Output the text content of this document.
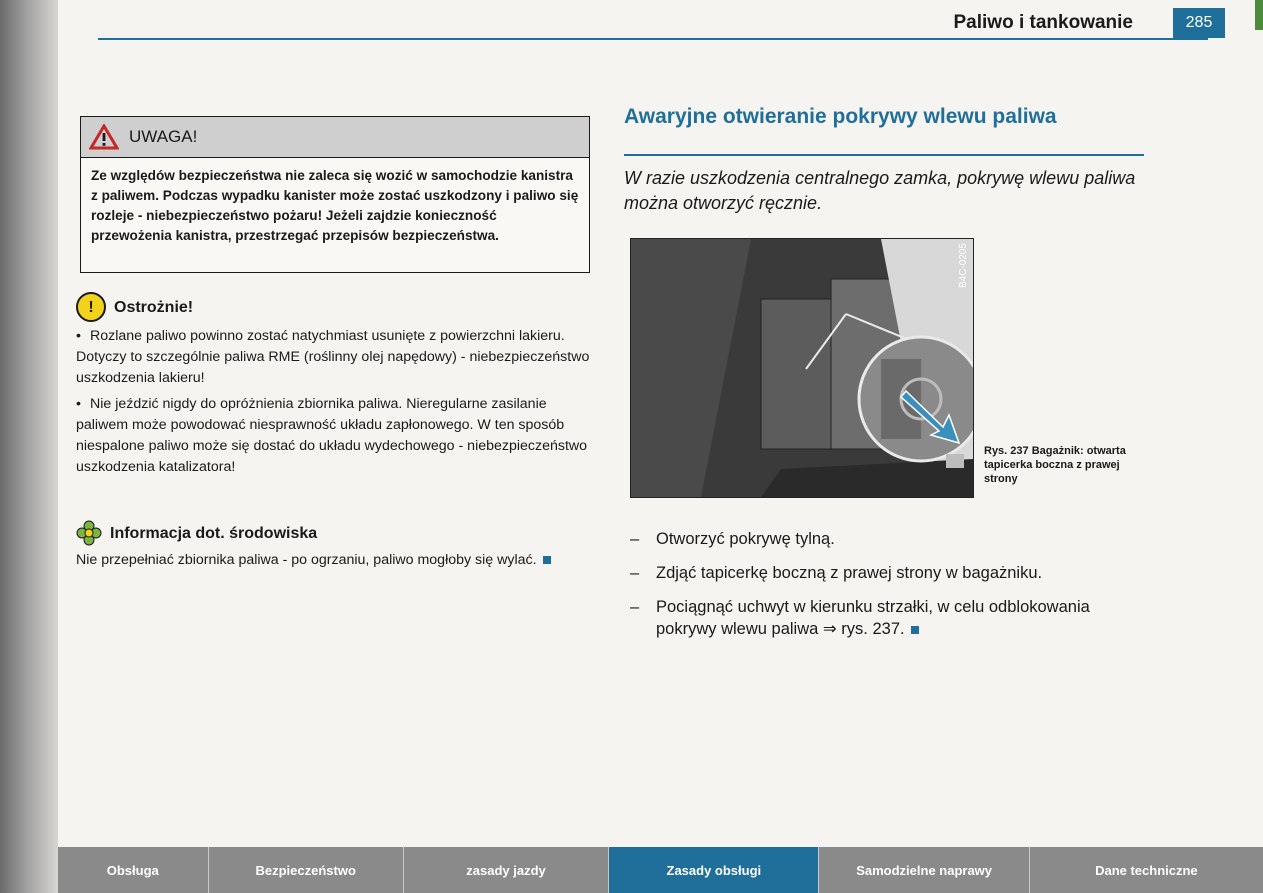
Paliwo i tankowanie	285
UWAGA!
Ze względów bezpieczeństwa nie zaleca się wozić w samochodzie kanistra z paliwem. Podczas wypadku kanister może zostać uszkodzony i paliwo się rozleje - niebezpieczeństwo pożaru! Jeżeli zajdzie konieczność przewożenia kanistra, przestrzegać przepisów bezpieczeństwa.
!	Ostrożnie!
• Rozlane paliwo powinno zostać natychmiast usunięte z powierzchni lakieru. Dotyczy to szczególnie paliwa RME (roślinny olej napędowy) - niebezpieczeństwo uszkodzenia lakieru!
• Nie jeździć nigdy do opróżnienia zbiornika paliwa. Nieregularne zasilanie paliwem może powodować niesprawność układu zapłonowego. W ten sposób niespalone paliwo może się dostać do układu wydechowego - niebezpieczeństwo uszkodzenia katalizatora!
Informacja dot. środowiska
Nie przepełniać zbiornika paliwa - po ogrzaniu, paliwo mogłoby się wylać.
Awaryjne otwieranie pokrywy wlewu paliwa
W razie uszkodzenia centralnego zamka, pokrywę wlewu paliwa można otworzyć ręcznie.
B4C-0205
Rys. 237 Bagażnik: otwarta tapicerka boczna z prawej strony
–	Otworzyć pokrywę tylną.
–	Zdjąć tapicerkę boczną z prawej strony w bagażniku.
–	Pociągnąć uchwyt w kierunku strzałki, w celu odblokowania pokrywy wlewu paliwa ⇒ rys. 237.
Obsługa	Bezpieczeństwo	zasady jazdy	Zasady obsługi	Samodzielne naprawy	Dane techniczne
